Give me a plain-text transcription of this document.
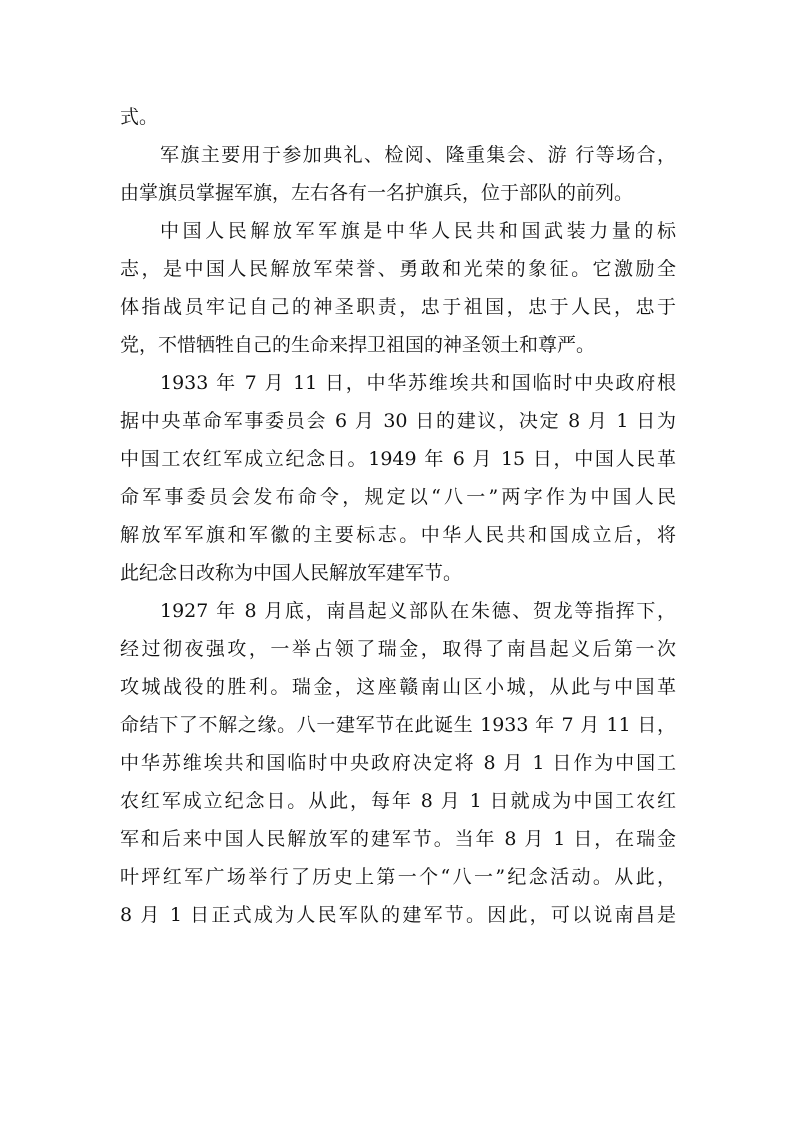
式。
军旗主要用于参加典礼、检阅、隆重集会、游 行等场合，
由掌旗员掌握军旗，左右各有一名护旗兵，位于部队的前列。
中国人民解放军军旗是中华人民共和国武装力量的标
志，是中国人民解放军荣誉、勇敢和光荣的象征。它激励全
体指战员牢记自己的神圣职责，忠于祖国，忠于人民，忠于
党，不惜牺牲自己的生命来捍卫祖国的神圣领土和尊严。
1933 年 7 月 11 日，中华苏维埃共和国临时中央政府根
据中央革命军事委员会 6 月 30 日的建议，决定 8 月 1 日为
中国工农红军成立纪念日。1949 年 6 月 15 日，中国人民革
命军事委员会发布命令，规定以“八一”两字作为中国人民
解放军军旗和军徽的主要标志。中华人民共和国成立后，将
此纪念日改称为中国人民解放军建军节。
1927 年 8 月底，南昌起义部队在朱德、贺龙等指挥下，
经过彻夜强攻，一举占领了瑞金，取得了南昌起义后第一次
攻城战役的胜利。瑞金，这座赣南山区小城，从此与中国革
命结下了不解之缘。八一建军节在此诞生 1933 年 7 月 11 日，
中华苏维埃共和国临时中央政府决定将 8 月 1 日作为中国工
农红军成立纪念日。从此，每年 8 月 1 日就成为中国工农红
军和后来中国人民解放军的建军节。当年 8 月 1 日，在瑞金
叶坪红军广场举行了历史上第一个“八一”纪念活动。从此，
8 月 1 日正式成为人民军队的建军节。因此，可以说南昌是
